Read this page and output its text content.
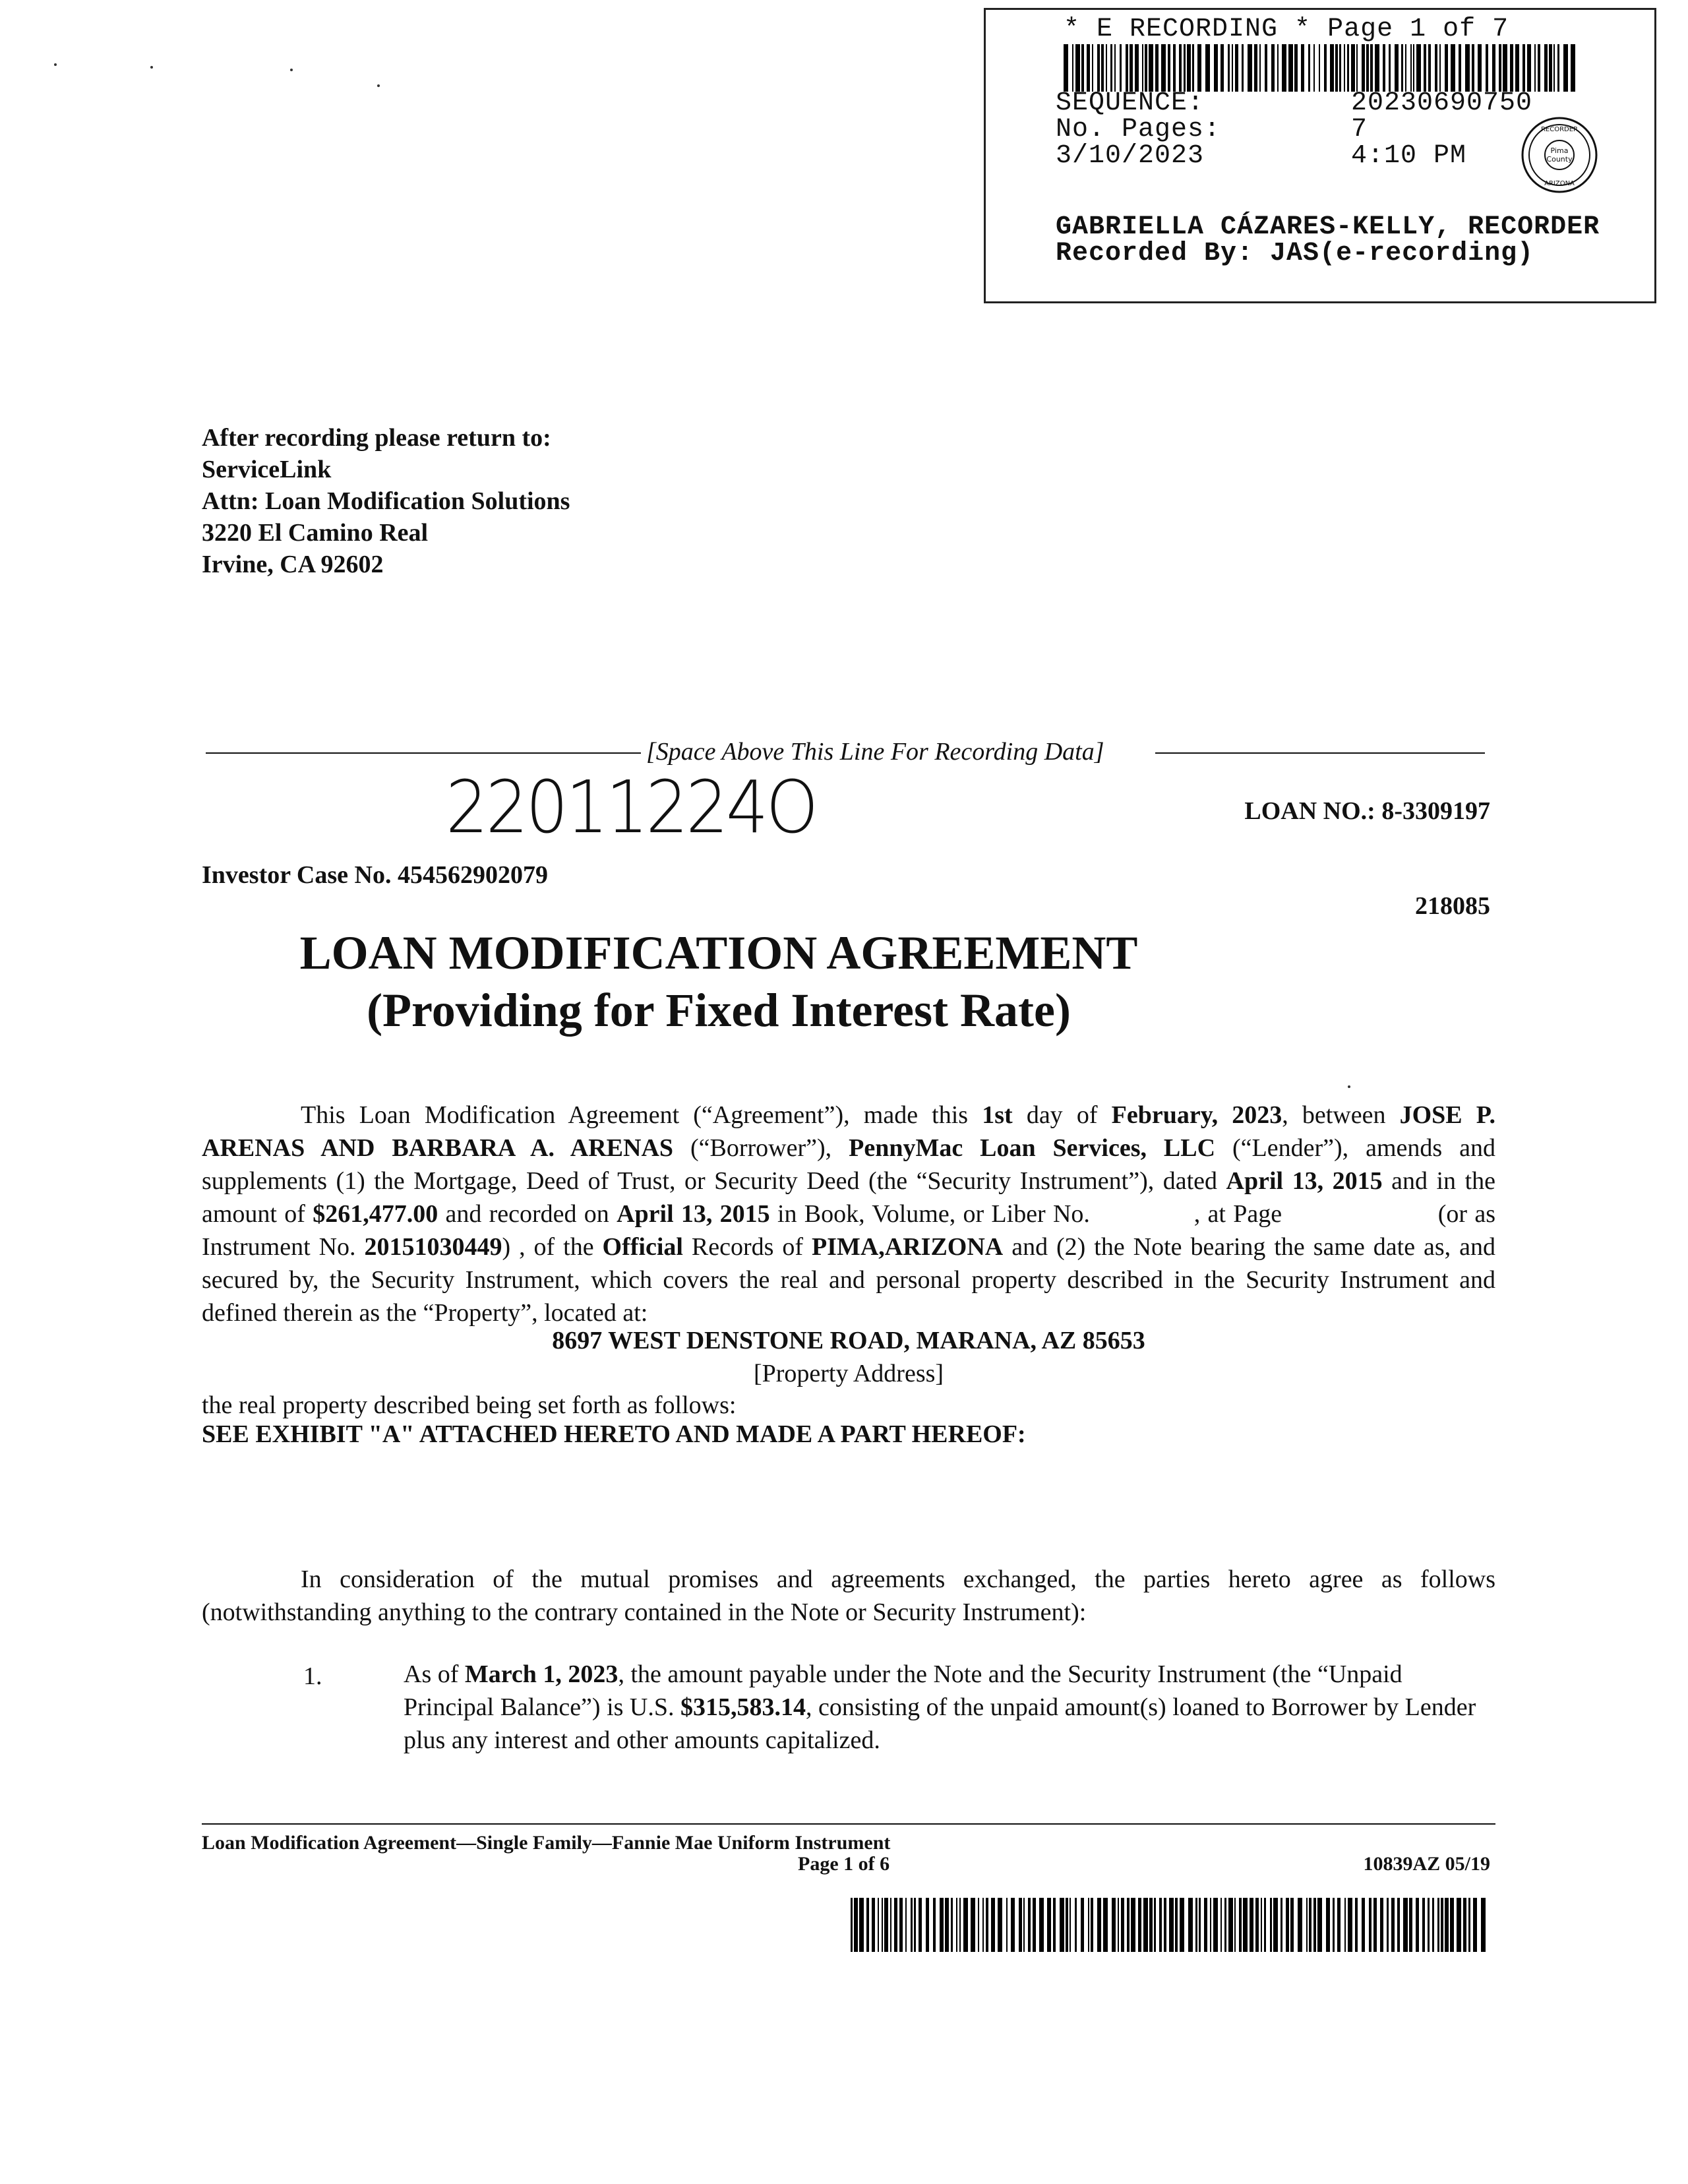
* E RECORDING * Page 1 of 7
SEQUENCE:	20230690750
No. Pages:	7
3/10/2023	4:10 PM	Pima
County
RECORDER
ARIZONA
GABRIELLA CÁZARES-KELLY, RECORDER
Recorded By: JAS(e-recording)
After recording please return to:
ServiceLink
Attn: Loan Modification Solutions
3220 El Camino Real
Irvine, CA 92602
[Space Above This Line For Recording Data]
22011224O	LOAN NO.: 8-3309197
Investor Case No. 454562902079
218085
LOAN MODIFICATION AGREEMENT
(Providing for Fixed Interest Rate)
This Loan Modification Agreement (“Agreement”), made this 1st day of February, 2023, between JOSE P. ARENAS AND BARBARA A. ARENAS (“Borrower”), PennyMac Loan Services, LLC (“Lender”), amends and supplements (1) the Mortgage, Deed of Trust, or Security Deed (the “Security Instrument”), dated April 13, 2015 and in the amount of $261,477.00 and recorded on April 13, 2015 in Book, Volume, or Liber No.              , at Page                     (or as Instrument No. 20151030449) , of the Official Records of PIMA,ARIZONA and (2) the Note bearing the same date as, and secured by, the Security Instrument, which covers the real and personal property described in the Security Instrument and defined therein as the “Property”, located at:
8697 WEST DENSTONE ROAD, MARANA, AZ 85653
[Property Address]
the real property described being set forth as follows:
SEE EXHIBIT "A" ATTACHED HERETO AND MADE A PART HEREOF:
In consideration of the mutual promises and agreements exchanged, the parties hereto agree as follows (notwithstanding anything to the contrary contained in the Note or Security Instrument):
1.	As of March 1, 2023, the amount payable under the Note and the Security Instrument (the “Unpaid Principal Balance”) is U.S. $315,583.14, consisting of the unpaid amount(s) loaned to Borrower by Lender plus any interest and other amounts capitalized.
Loan Modification Agreement—Single Family—Fannie Mae Uniform Instrument
Page 1 of 6	10839AZ 05/19
